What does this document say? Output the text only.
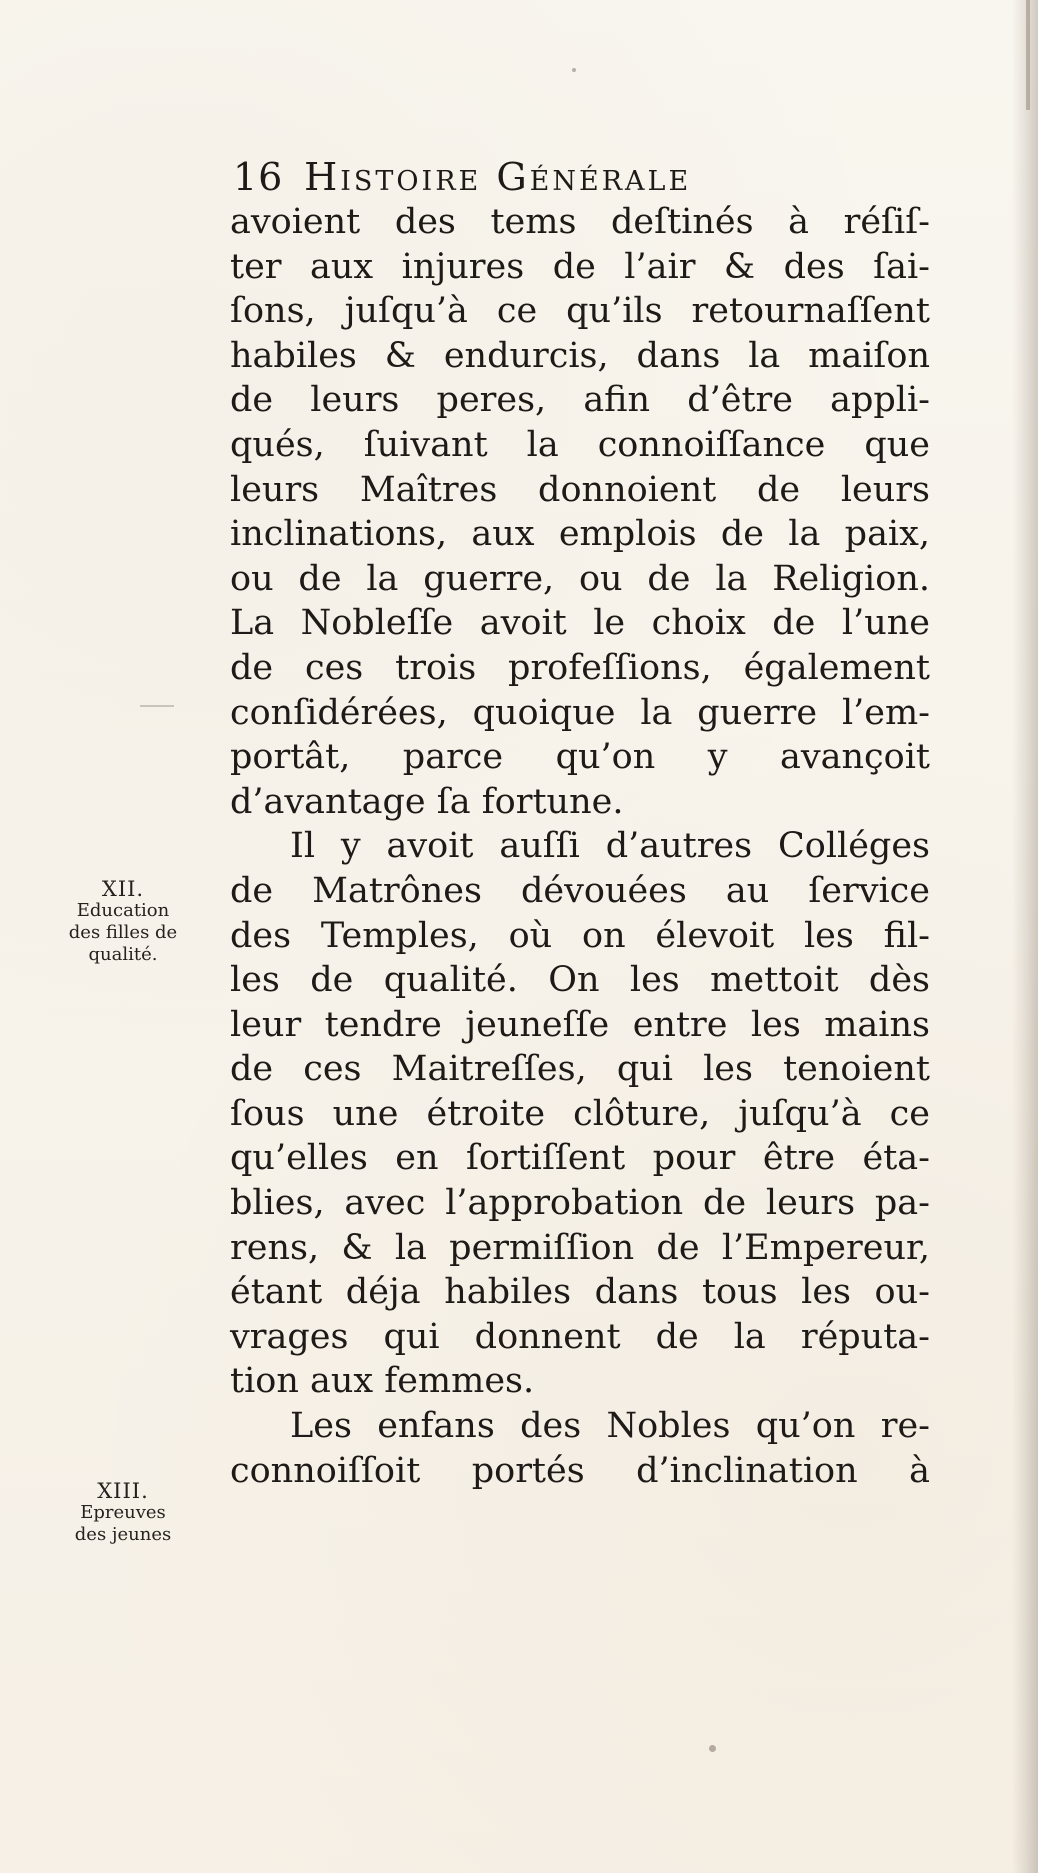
16 Histoire Générale
avoient des tems deſtinés à réſiſ-
ter aux injures de l’air & des ſai-
ſons, juſqu’à ce qu’ils retournaſſent
habiles & endurcis, dans la maiſon
de leurs peres, afin d’être appli-
qués, ſuivant la connoiſſance que
leurs Maîtres donnoient de leurs
inclinations, aux emplois de la paix,
ou de la guerre, ou de la Religion.
La Nobleſſe avoit le choix de l’une
de ces trois profeſſions, également
conſidérées, quoique la guerre l’em-
portât, parce qu’on y avançoit
d’avantage ſa fortune.
Il y avoit auſſi d’autres Colléges
de Matrônes dévouées au ſervice
des Temples, où on élevoit les fil-
les de qualité. On les mettoit dès
leur tendre jeuneſſe entre les mains
de ces Maitreſſes, qui les tenoient
ſous une étroite clôture, juſqu’à ce
qu’elles en ſortiſſent pour être éta-
blies, avec l’approbation de leurs pa-
rens, & la permiſſion de l’Empereur,
étant déja habiles dans tous les ou-
vrages qui donnent de la réputa-
tion aux femmes.
Les enfans des Nobles qu’on re-
connoiſſoit portés d’inclination à
XII.
Education
des filles de
qualité.
XIII.
Epreuves
des jeunes
